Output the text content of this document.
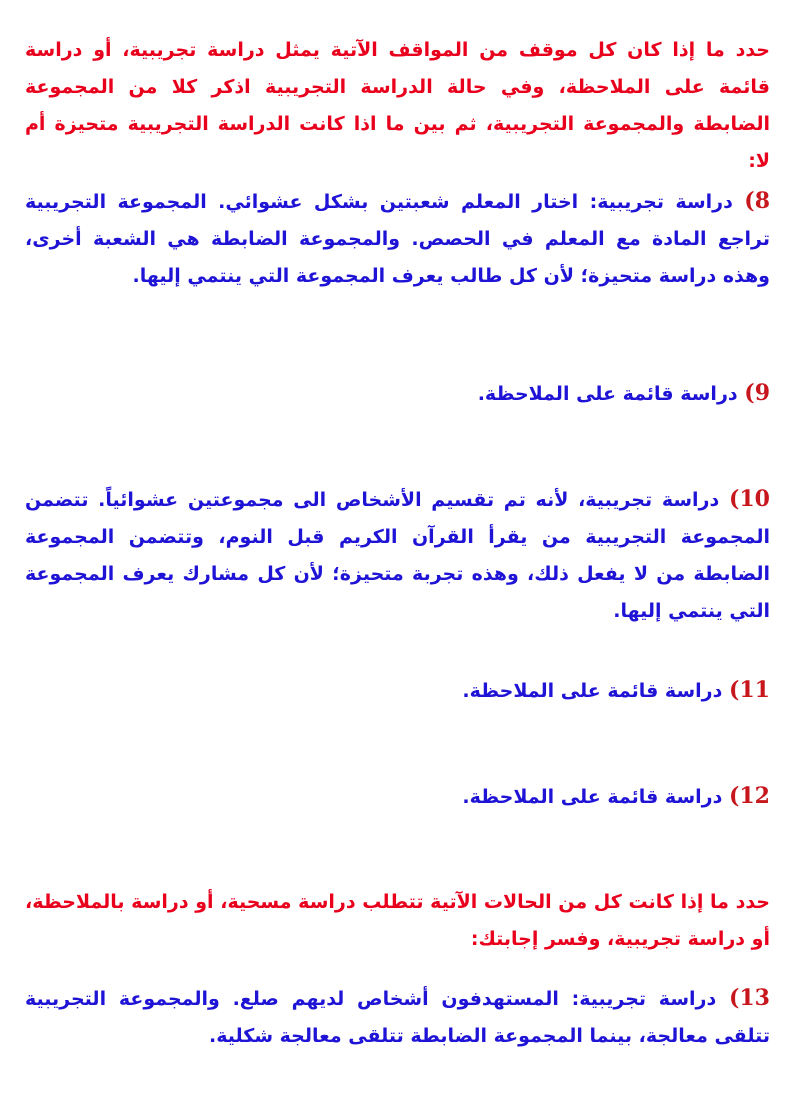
حدد ما إذا كان كل موقف من المواقف الآتية يمثل دراسة تجريبية، أو دراسة قائمة على الملاحظة، وفي حالة الدراسة التجريبية اذكر كلا من المجموعة الضابطة والمجموعة التجريبية، ثم بين ما اذا كانت الدراسة التجريبية متحيزة أم لا:

8) دراسة تجريبية: اختار المعلم شعبتين بشكل عشوائي. المجموعة التجريبية تراجع المادة مع المعلم في الحصص. والمجموعة الضابطة هي الشعبة أخرى، وهذه دراسة متحيزة؛ لأن كل طالب يعرف المجموعة التي ينتمي إليها.

9) دراسة قائمة على الملاحظة.

10) دراسة تجريبية، لأنه تم تقسيم الأشخاص الى مجموعتين عشوائياً. تتضمن المجموعة التجريبية من يقرأ القرآن الكريم قبل النوم، وتتضمن المجموعة الضابطة من لا يفعل ذلك، وهذه تجربة متحيزة؛ لأن كل مشارك يعرف المجموعة التي ينتمي إليها.

11) دراسة قائمة على الملاحظة.

12) دراسة قائمة على الملاحظة.

حدد ما إذا كانت كل من الحالات الآتية تتطلب دراسة مسحية، أو دراسة بالملاحظة، أو دراسة تجريبية، وفسر إجابتك:

13) دراسة تجريبية: المستهدفون أشخاص لديهم صلع. والمجموعة التجريبية تتلقى معالجة، بينما المجموعة الضابطة تتلقى معالجة شكلية.
